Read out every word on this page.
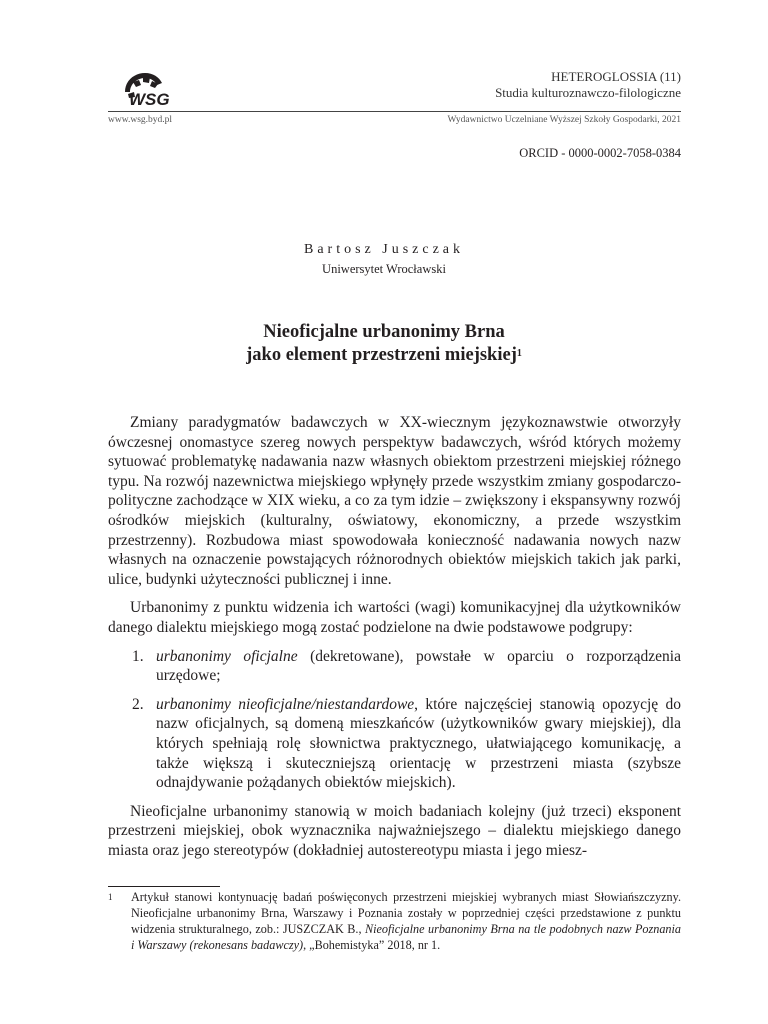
WSG
HETEROGLOSSIA (11)
Studia kulturoznawczo-filologiczne
www.wsg.byd.pl	Wydawnictwo Uczelniane Wyższej Szkoły Gospodarki, 2021
ORCID - 0000-0002-7058-0384
Bartosz Juszczak
Uniwersytet Wrocławski
Nieoficjalne urbanonimy Brna
jako element przestrzeni miejskiej$^1$

Zmiany paradygmatów badawczych w XX-wiecznym językoznawstwie otworzyły ówczesnej onomastyce szereg nowych perspektyw badawczych, wśród których możemy sytuować problematykę nadawania nazw własnych obiektom przestrzeni miejskiej różnego typu. Na rozwój nazewnictwa miejskiego wpłynęły przede wszystkim zmiany gospodarczo-polityczne zachodzące w XIX wieku, a co za tym idzie – zwiększony i ekspansywny rozwój ośrodków miejskich (kulturalny, oświatowy, ekonomiczny, a przede wszystkim przestrzenny). Rozbudowa miast spowodowała konieczność nadawania nowych nazw własnych na oznaczenie powstających różnorodnych obiektów miejskich takich jak parki, ulice, budynki użyteczności publicznej i inne.

Urbanonimy z punktu widzenia ich wartości (wagi) komunikacyjnej dla użytkowników danego dialektu miejskiego mogą zostać podzielone na dwie podstawowe podgrupy:

1. urbanonimy oficjalne (dekretowane), powstałe w oparciu o rozporządzenia urzędowe;
2. urbanonimy nieoficjalne/niestandardowe, które najczęściej stanowią opozycję do nazw oficjalnych, są domeną mieszkańców (użytkowników gwary miejskiej), dla których spełniają rolę słownictwa praktycznego, ułatwiającego komunikację, a także większą i skuteczniejszą orientację w przestrzeni miasta (szybsze odnajdywanie pożądanych obiektów miejskich).

Nieoficjalne urbanonimy stanowią w moich badaniach kolejny (już trzeci) eksponent przestrzeni miejskiej, obok wyznacznika najważniejszego – dialektu miejskiego danego miasta oraz jego stereotypów (dokładniej autostereotypu miasta i jego miesz-

1	Artykuł stanowi kontynuację badań poświęconych przestrzeni miejskiej wybranych miast Słowiańszczyzny. Nieoficjalne urbanonimy Brna, Warszawy i Poznania zostały w poprzedniej części przedstawione z punktu widzenia strukturalnego, zob.: JUSZCZAK B., Nieoficjalne urbanonimy Brna na tle podobnych nazw Poznania i Warszawy (rekonesans badawczy), „Bohemistyka” 2018, nr 1.
